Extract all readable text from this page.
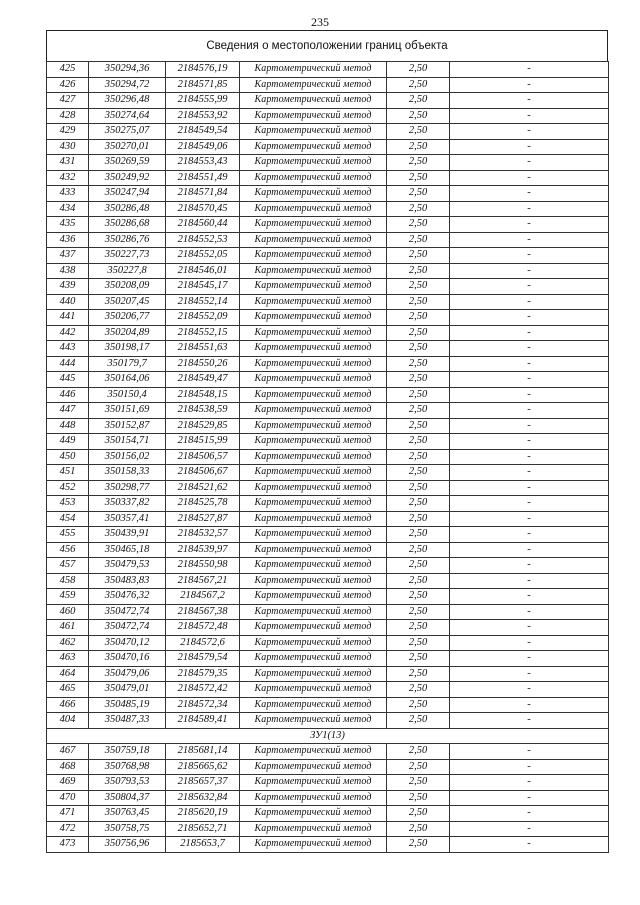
235
Сведения о местоположении границ объекта
425	350294,36	2184576,19	Картометрический метод	2,50	-
426	350294,72	2184571,85	Картометрический метод	2,50	-
427	350296,48	2184555,99	Картометрический метод	2,50	-
428	350274,64	2184553,92	Картометрический метод	2,50	-
429	350275,07	2184549,54	Картометрический метод	2,50	-
430	350270,01	2184549,06	Картометрический метод	2,50	-
431	350269,59	2184553,43	Картометрический метод	2,50	-
432	350249,92	2184551,49	Картометрический метод	2,50	-
433	350247,94	2184571,84	Картометрический метод	2,50	-
434	350286,48	2184570,45	Картометрический метод	2,50	-
435	350286,68	2184560,44	Картометрический метод	2,50	-
436	350286,76	2184552,53	Картометрический метод	2,50	-
437	350227,73	2184552,05	Картометрический метод	2,50	-
438	350227,8	2184546,01	Картометрический метод	2,50	-
439	350208,09	2184545,17	Картометрический метод	2,50	-
440	350207,45	2184552,14	Картометрический метод	2,50	-
441	350206,77	2184552,09	Картометрический метод	2,50	-
442	350204,89	2184552,15	Картометрический метод	2,50	-
443	350198,17	2184551,63	Картометрический метод	2,50	-
444	350179,7	2184550,26	Картометрический метод	2,50	-
445	350164,06	2184549,47	Картометрический метод	2,50	-
446	350150,4	2184548,15	Картометрический метод	2,50	-
447	350151,69	2184538,59	Картометрический метод	2,50	-
448	350152,87	2184529,85	Картометрический метод	2,50	-
449	350154,71	2184515,99	Картометрический метод	2,50	-
450	350156,02	2184506,57	Картометрический метод	2,50	-
451	350158,33	2184506,67	Картометрический метод	2,50	-
452	350298,77	2184521,62	Картометрический метод	2,50	-
453	350337,82	2184525,78	Картометрический метод	2,50	-
454	350357,41	2184527,87	Картометрический метод	2,50	-
455	350439,91	2184532,57	Картометрический метод	2,50	-
456	350465,18	2184539,97	Картометрический метод	2,50	-
457	350479,53	2184550,98	Картометрический метод	2,50	-
458	350483,83	2184567,21	Картометрический метод	2,50	-
459	350476,32	2184567,2	Картометрический метод	2,50	-
460	350472,74	2184567,38	Картометрический метод	2,50	-
461	350472,74	2184572,48	Картометрический метод	2,50	-
462	350470,12	2184572,6	Картометрический метод	2,50	-
463	350470,16	2184579,54	Картометрический метод	2,50	-
464	350479,06	2184579,35	Картометрический метод	2,50	-
465	350479,01	2184572,42	Картометрический метод	2,50	-
466	350485,19	2184572,34	Картометрический метод	2,50	-
404	350487,33	2184589,41	Картометрический метод	2,50	-
ЗУ1(13)					
467	350759,18	2185681,14	Картометрический метод	2,50	-
468	350768,98	2185665,62	Картометрический метод	2,50	-
469	350793,53	2185657,37	Картометрический метод	2,50	-
470	350804,37	2185632,84	Картометрический метод	2,50	-
471	350763,45	2185620,19	Картометрический метод	2,50	-
472	350758,75	2185652,71	Картометрический метод	2,50	-
473	350756,96	2185653,7	Картометрический метод	2,50	-
